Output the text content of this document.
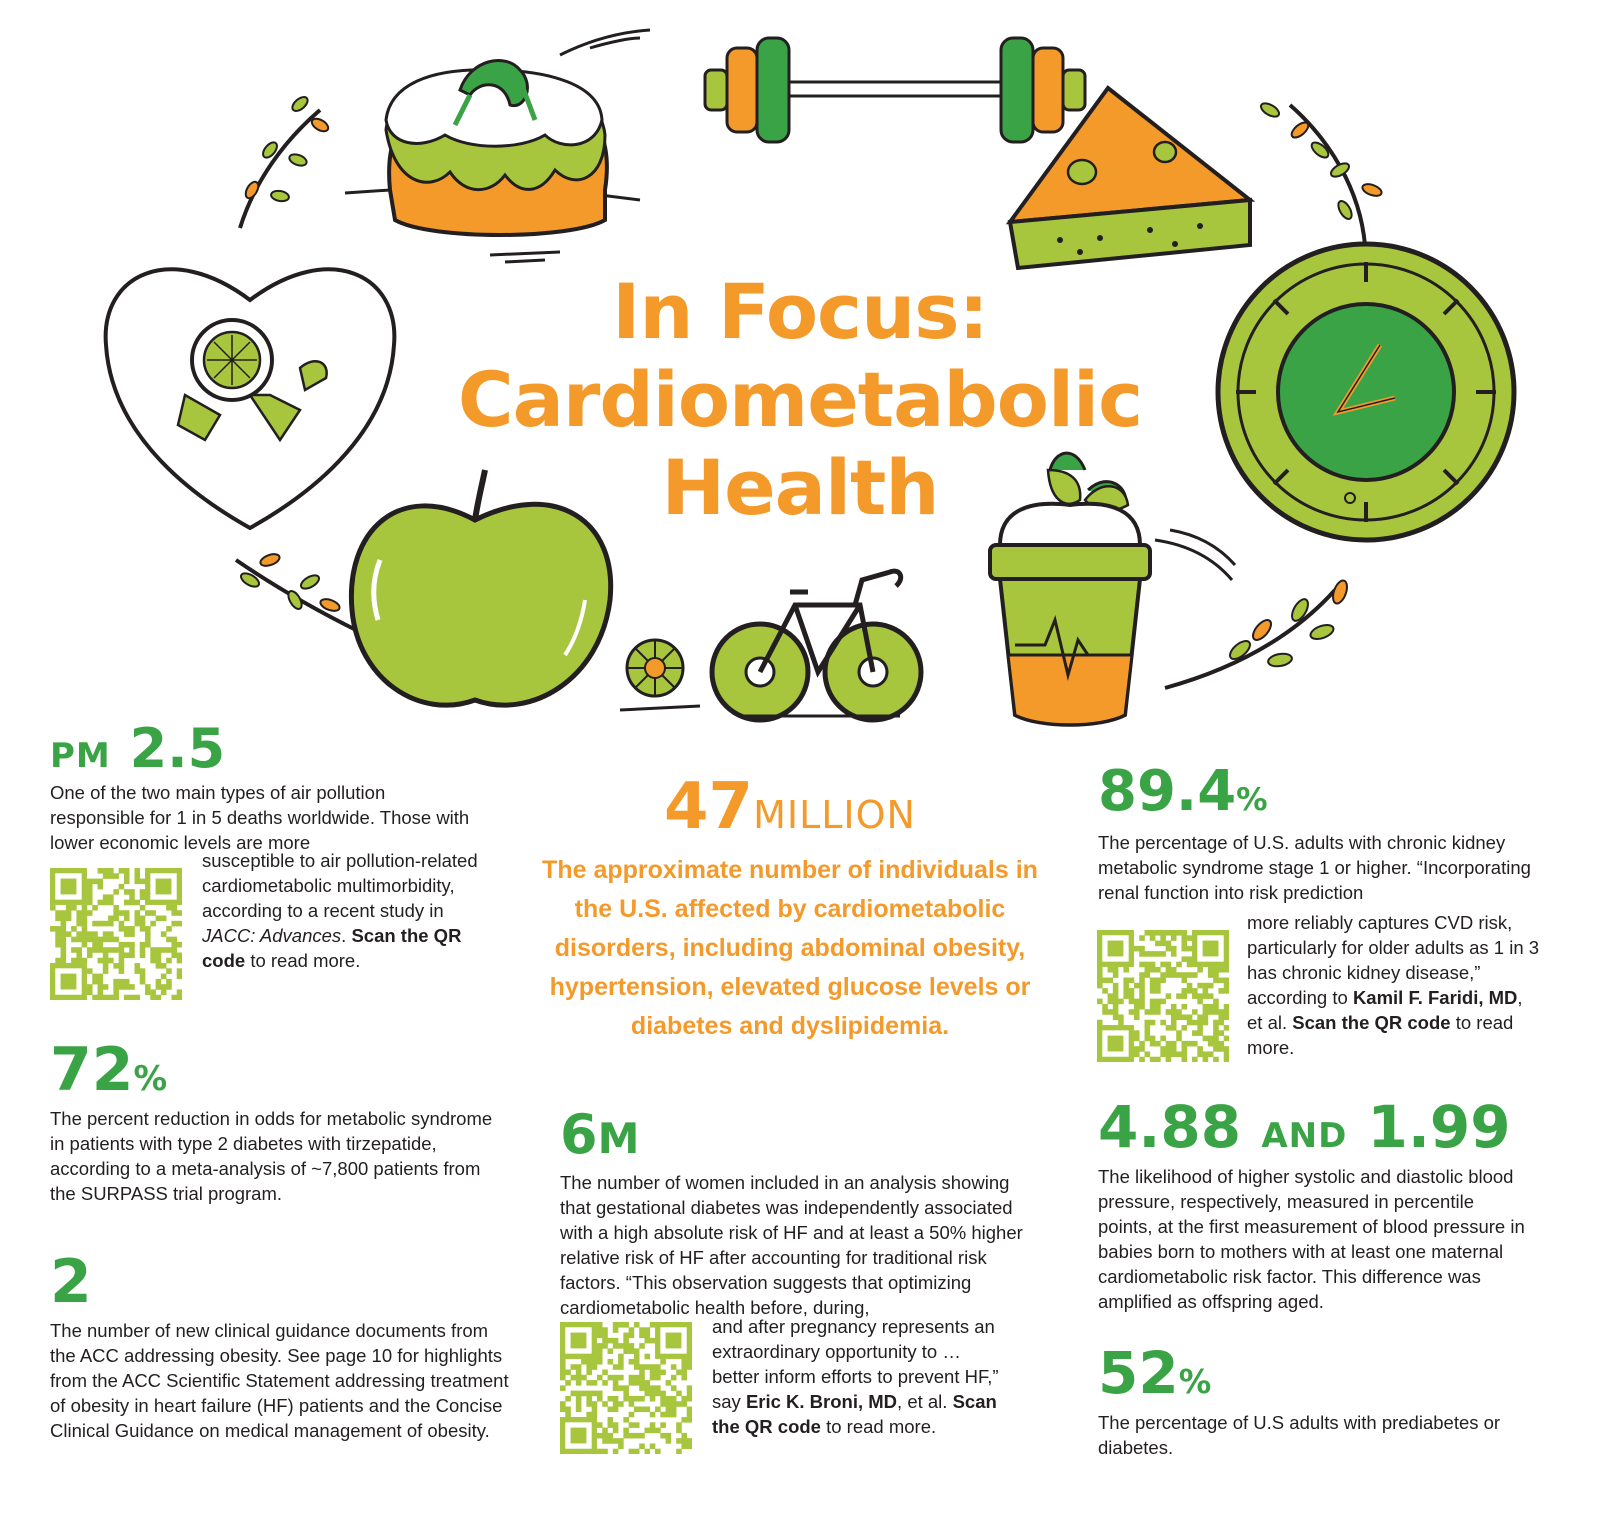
In Focus:
Cardiometabolic
Health
PM 2.5
One of the two main types of air pollution responsible for 1 in 5 deaths worldwide. Those with lower economic levels are more
susceptible to air pollution-related cardiometabolic multimorbidity, according to a recent study in JACC: Advances. Scan the QR code to read more.
72%
The percent reduction in odds for metabolic syndrome in patients with type 2 diabetes with tirzepatide, according to a meta-analysis of ~7,800 patients from the SURPASS trial program.
2
The number of new clinical guidance documents from the ACC addressing obesity. See page 10 for highlights from the ACC Scientific Statement addressing treatment of obesity in heart failure (HF) patients and the Concise Clinical Guidance on medical management of obesity.
47MILLION
The approximate number of individuals in the U.S. affected by cardiometabolic disorders, including abdominal obesity, hypertension, elevated glucose levels or diabetes and dyslipidemia.
6M
The number of women included in an analysis showing that gestational diabetes was independently associated with a high absolute risk of HF and at least a 50% higher relative risk of HF after accounting for traditional risk factors. “This observation suggests that optimizing cardiometabolic health before, during,
and after pregnancy represents an extraordinary opportunity to … better inform efforts to prevent HF,” say Eric K. Broni, MD, et al. Scan the QR code to read more.
89.4%
The percentage of U.S. adults with chronic kidney metabolic syndrome stage 1 or higher. “Incorporating renal function into risk prediction
more reliably captures CVD risk, particularly for older adults as 1 in 3 has chronic kidney disease,” according to Kamil F. Faridi, MD, et al. Scan the QR code to read more.
4.88 AND 1.99
The likelihood of higher systolic and diastolic blood pressure, respectively, measured in percentile points, at the first measurement of blood pressure in babies born to mothers with at least one maternal cardiometabolic risk factor. This difference was amplified as offspring aged.
52%
The percentage of U.S adults with prediabetes or diabetes.
